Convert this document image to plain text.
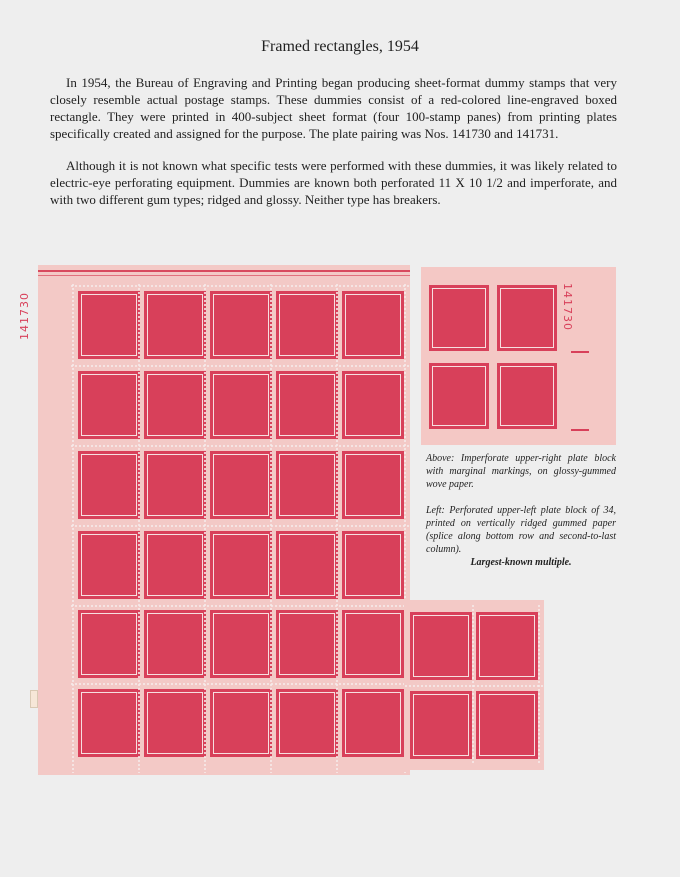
Framed rectangles, 1954

In 1954, the Bureau of Engraving and Printing began producing sheet-format dummy stamps that very closely resemble actual postage stamps. These dummies consist of a red-colored line-engraved boxed rectangle. They were printed in 400-subject sheet format (four 100-stamp panes) from printing plates specifically created and assigned for the purpose. The plate pairing was Nos. 141730 and 141731.

Although it is not known what specific tests were performed with these dummies, it was likely related to electric-eye perforating equipment. Dummies are known both perforated 11 X 10 1/2 and imperforate, and with two different gum types; ridged and glossy. Neither type has breakers.

141730	141730

Above: Imperforate upper-right plate block with marginal markings, on glossy-gummed wove paper.

Left: Perforated upper-left plate block of 34, printed on vertically ridged gummed paper (splice along bottom row and second-to-last column).

Largest-known multiple.
